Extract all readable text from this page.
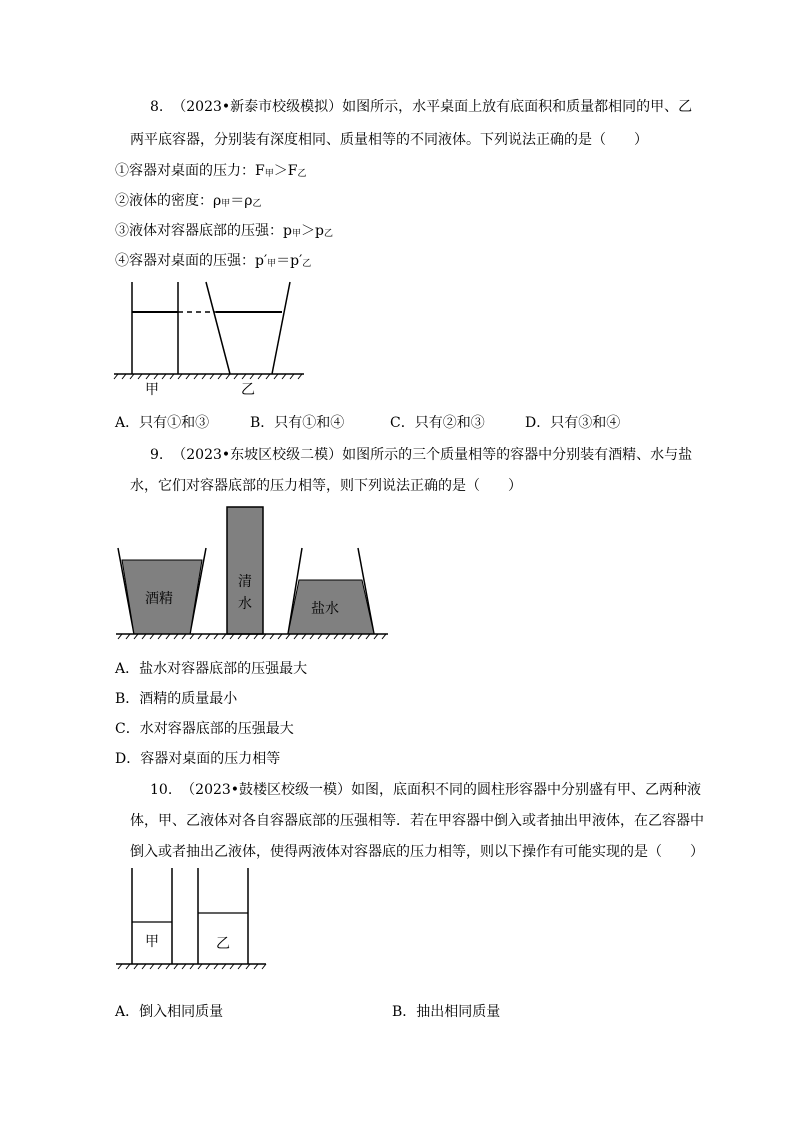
8. （2023•新泰市校级模拟）如图所示，水平桌面上放有底面积和质量都相同的甲、乙
两平底容器，分别装有深度相同、质量相等的不同液体。下列说法正确的是（　　）
①容器对桌面的压力：F甲＞F乙
②液体的密度：ρ甲＝ρ乙
③液体对容器底部的压强：p甲＞p乙
④容器对桌面的压强：p′甲＝p′乙
甲	乙
A．只有①和③	B．只有①和④	C．只有②和③	D．只有③和④
9. （2023•东坡区校级二模）如图所示的三个质量相等的容器中分别装有酒精、水与盐
水，它们对容器底部的压力相等，则下列说法正确的是（　　）
酒精
清
水	盐水
A．盐水对容器底部的压强最大
B．酒精的质量最小
C．水对容器底部的压强最大
D．容器对桌面的压力相等
10. （2023•鼓楼区校级一模）如图，底面积不同的圆柱形容器中分别盛有甲、乙两种液
体，甲、乙液体对各自容器底部的压强相等．若在甲容器中倒入或者抽出甲液体，在乙容器中
倒入或者抽出乙液体，使得两液体对容器底的压力相等，则以下操作有可能实现的是（　　）
甲	乙
A．倒入相同质量	B．抽出相同质量
